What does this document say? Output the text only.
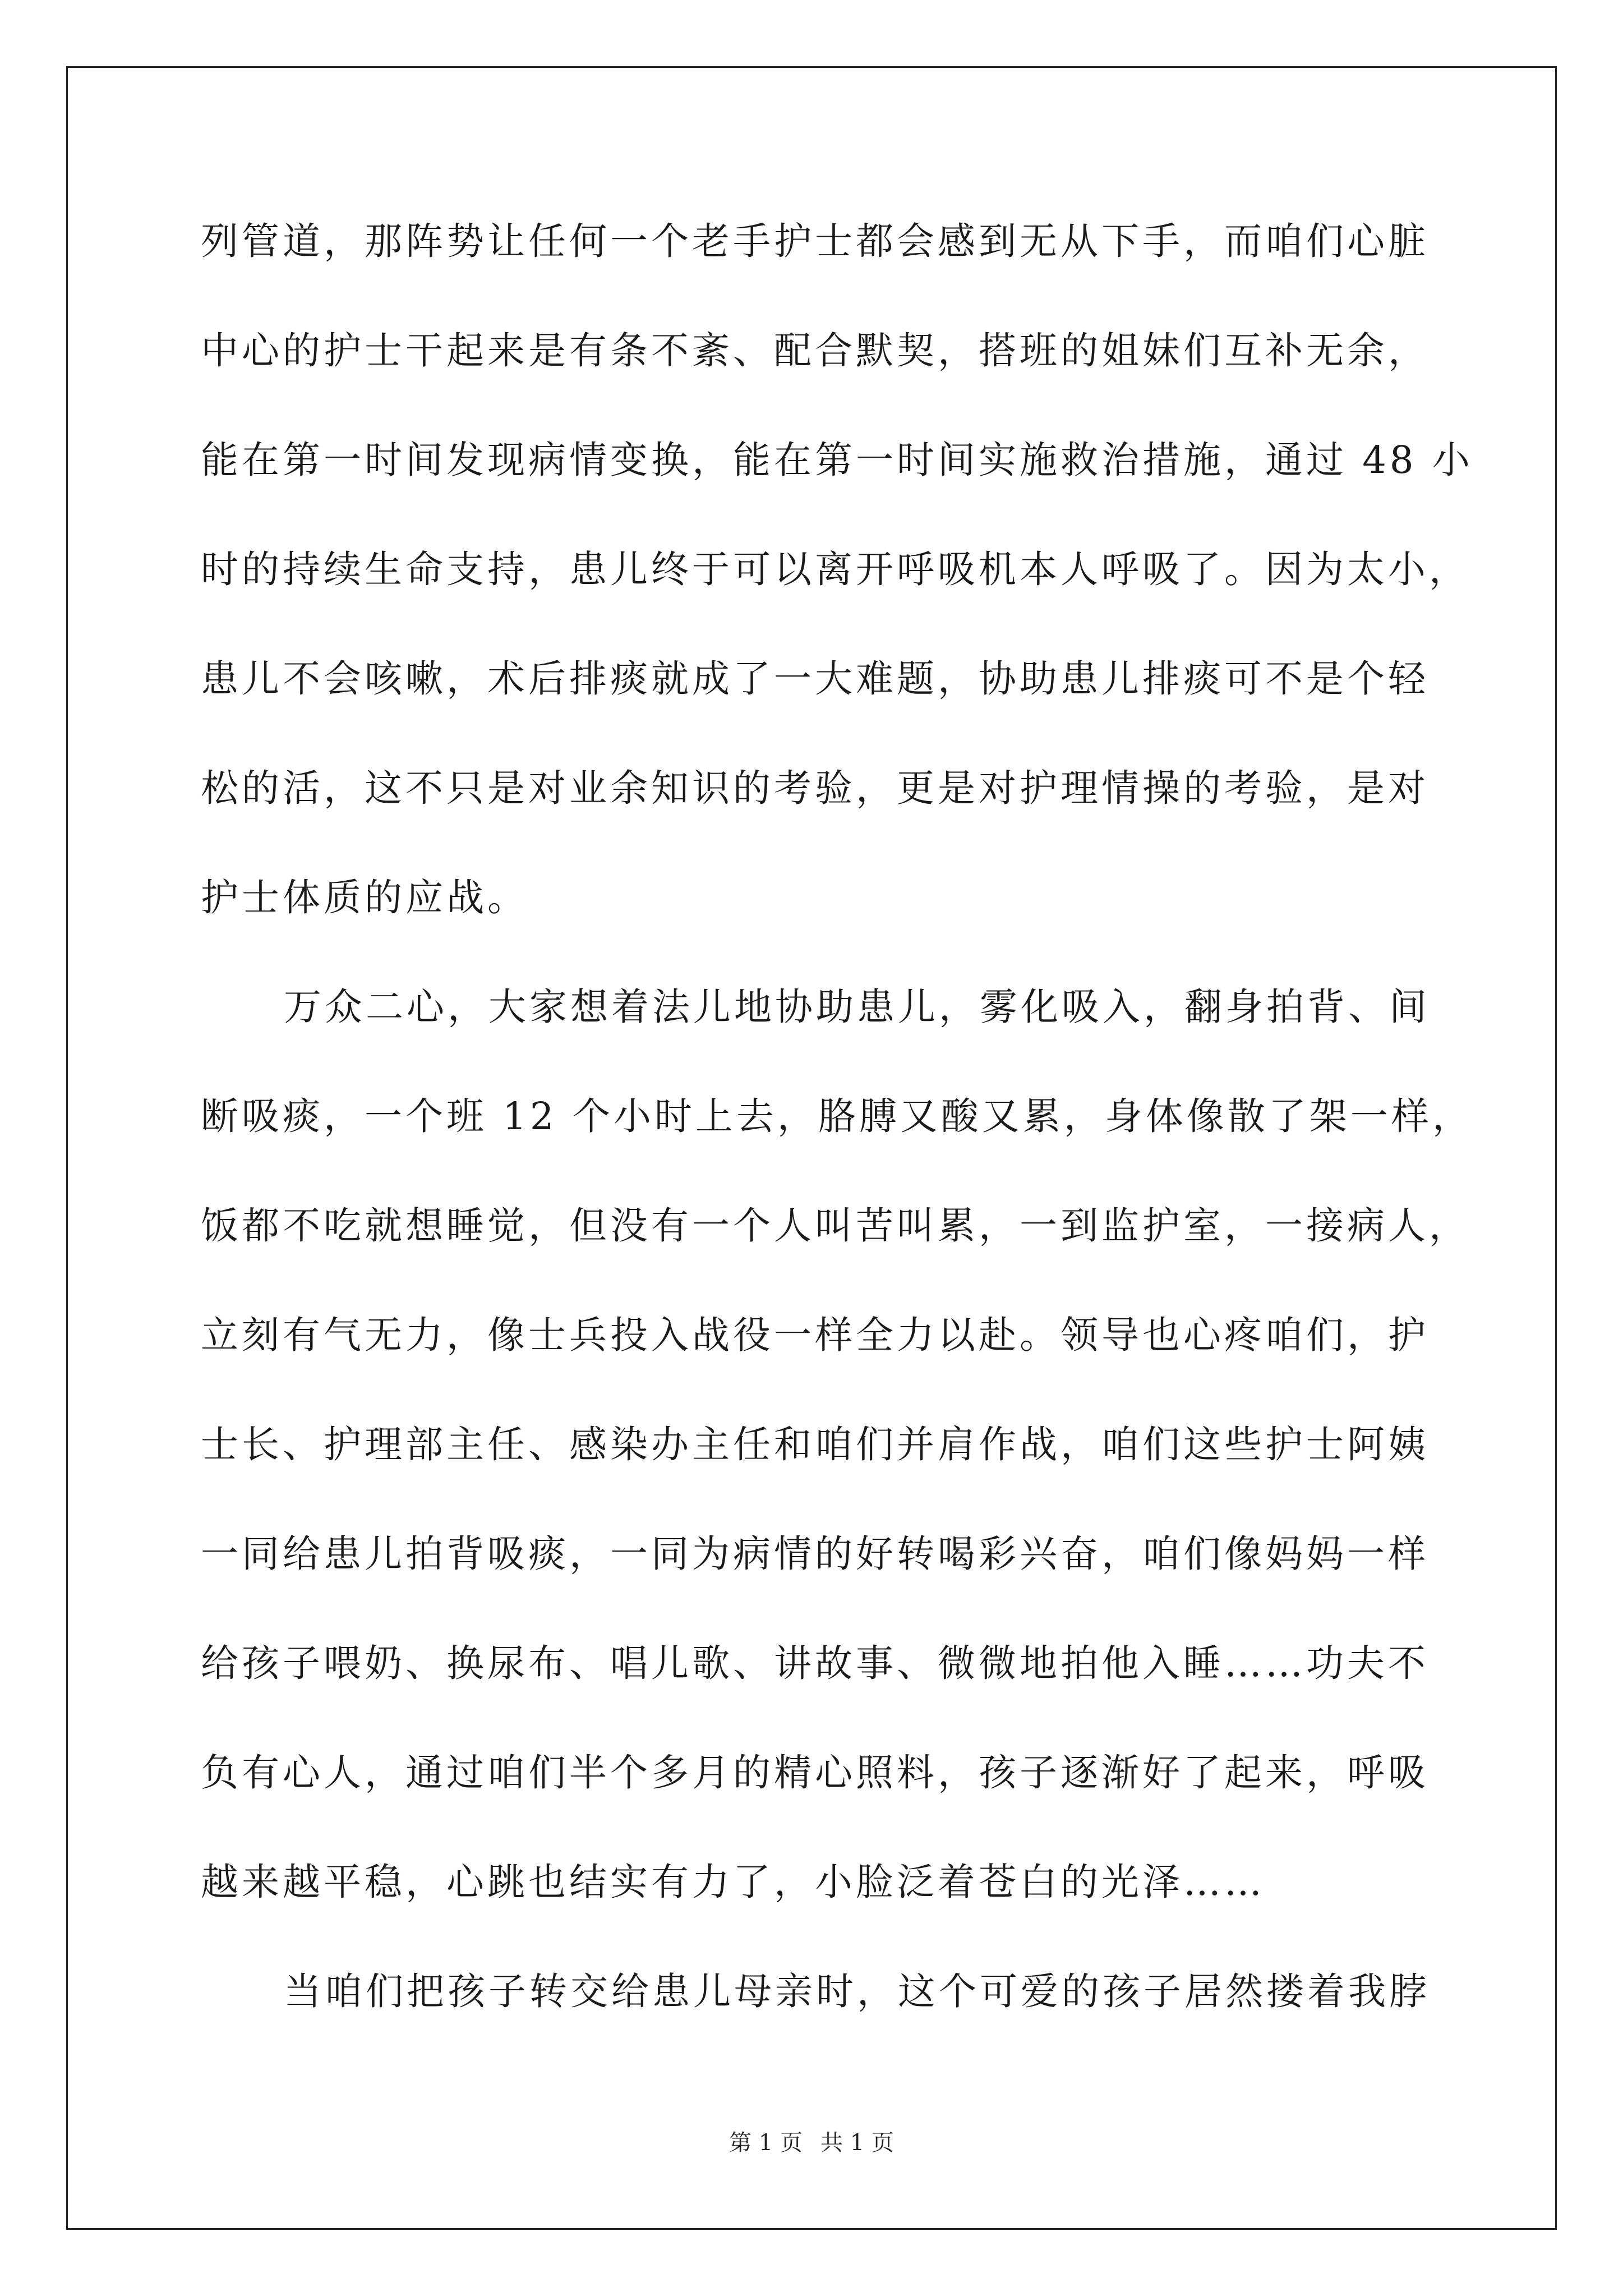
列管道，那阵势让任何一个老手护士都会感到无从下手，而咱们心脏
中心的护士干起来是有条不紊、配合默契，搭班的姐妹们互补无余，
能在第一时间发现病情变换，能在第一时间实施救治措施，通过 48 小
时的持续生命支持，患儿终于可以离开呼吸机本人呼吸了。因为太小，
患儿不会咳嗽，术后排痰就成了一大难题，协助患儿排痰可不是个轻
松的活，这不只是对业余知识的考验，更是对护理情操的考验，是对
护士体质的应战。
万众二心，大家想着法儿地协助患儿，雾化吸入，翻身拍背、间
断吸痰，一个班 12 个小时上去，胳膊又酸又累，身体像散了架一样，
饭都不吃就想睡觉，但没有一个人叫苦叫累，一到监护室，一接病人，
立刻有气无力，像士兵投入战役一样全力以赴。领导也心疼咱们，护
士长、护理部主任、感染办主任和咱们并肩作战，咱们这些护士阿姨
一同给患儿拍背吸痰，一同为病情的好转喝彩兴奋，咱们像妈妈一样
给孩子喂奶、换尿布、唱儿歌、讲故事、微微地拍他入睡……功夫不
负有心人，通过咱们半个多月的精心照料，孩子逐渐好了起来，呼吸
越来越平稳，心跳也结实有力了，小脸泛着苍白的光泽……
当咱们把孩子转交给患儿母亲时，这个可爱的孩子居然搂着我脖
第 1 页 共 1 页
